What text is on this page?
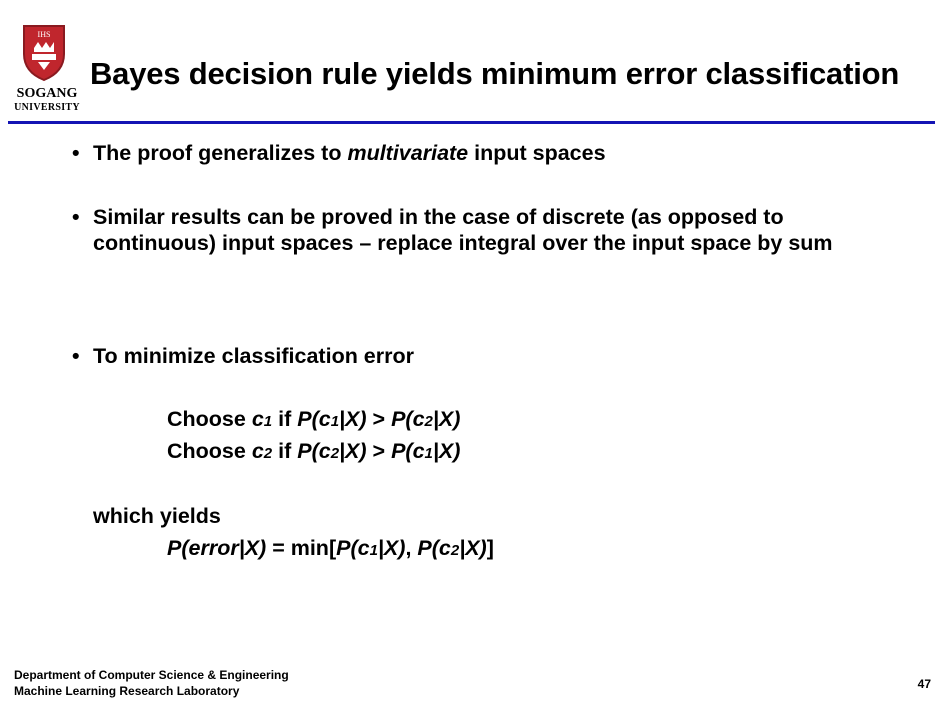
IHS
SOGANG
UNIVERSITY
Bayes decision rule yields minimum error classification
• The proof generalizes to multivariate input spaces
• Similar results can be proved in the case of discrete (as opposed to continuous) input spaces – replace integral over the input space by sum
• To minimize classification error
Choose c1 if P(c1|X) > P(c2|X)
Choose c2 if P(c2|X) > P(c1|X)
which yields
P(error|X) = min[P(c1|X), P(c2|X)]
Department of Computer Science & Engineering
Machine Learning Research Laboratory	47
